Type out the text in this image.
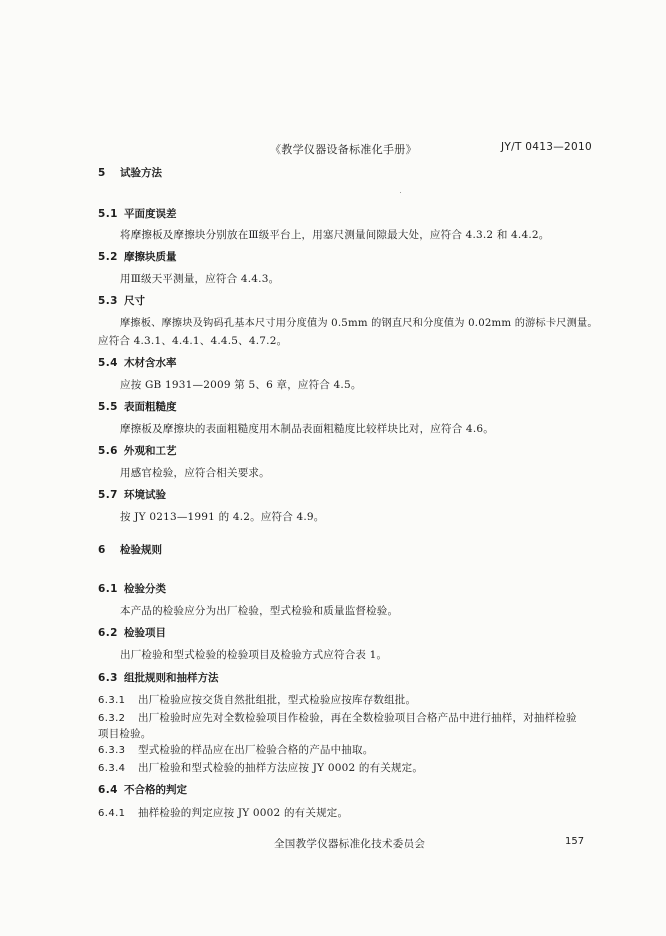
《教学仪器设备标准化手册》	JY/T 0413—2010
5 试验方法
5.1 平面度误差
将摩擦板及摩擦块分别放在Ⅲ级平台上，用塞尺测量间隙最大处，应符合 4.3.2 和 4.4.2。
5.2 摩擦块质量
用Ⅲ级天平测量，应符合 4.4.3。
5.3 尺寸
摩擦板、摩擦块及钩码孔基本尺寸用分度值为 0.5mm 的钢直尺和分度值为 0.02mm 的游标卡尺测量。
应符合 4.3.1、4.4.1、4.4.5、4.7.2。
5.4 木材含水率
应按 GB 1931—2009 第 5、6 章，应符合 4.5。
5.5 表面粗糙度
摩擦板及摩擦块的表面粗糙度用木制品表面粗糙度比较样块比对，应符合 4.6。
5.6 外观和工艺
用感官检验，应符合相关要求。
5.7 环境试验
按 JY 0213—1991 的 4.2。应符合 4.9。
6 检验规则
6.1 检验分类
本产品的检验应分为出厂检验，型式检验和质量监督检验。
6.2 检验项目
出厂检验和型式检验的检验项目及检验方式应符合表 1。
6.3 组批规则和抽样方法
6.3.1 出厂检验应按交货自然批组批，型式检验应按库存数组批。
6.3.2 出厂检验时应先对全数检验项目作检验，再在全数检验项目合格产品中进行抽样，对抽样检验
项目检验。
6.3.3 型式检验的样品应在出厂检验合格的产品中抽取。
6.3.4 出厂检验和型式检验的抽样方法应按 JY 0002 的有关规定。
6.4 不合格的判定
6.4.1 抽样检验的判定应按 JY 0002 的有关规定。
全国教学仪器标准化技术委员会	157
